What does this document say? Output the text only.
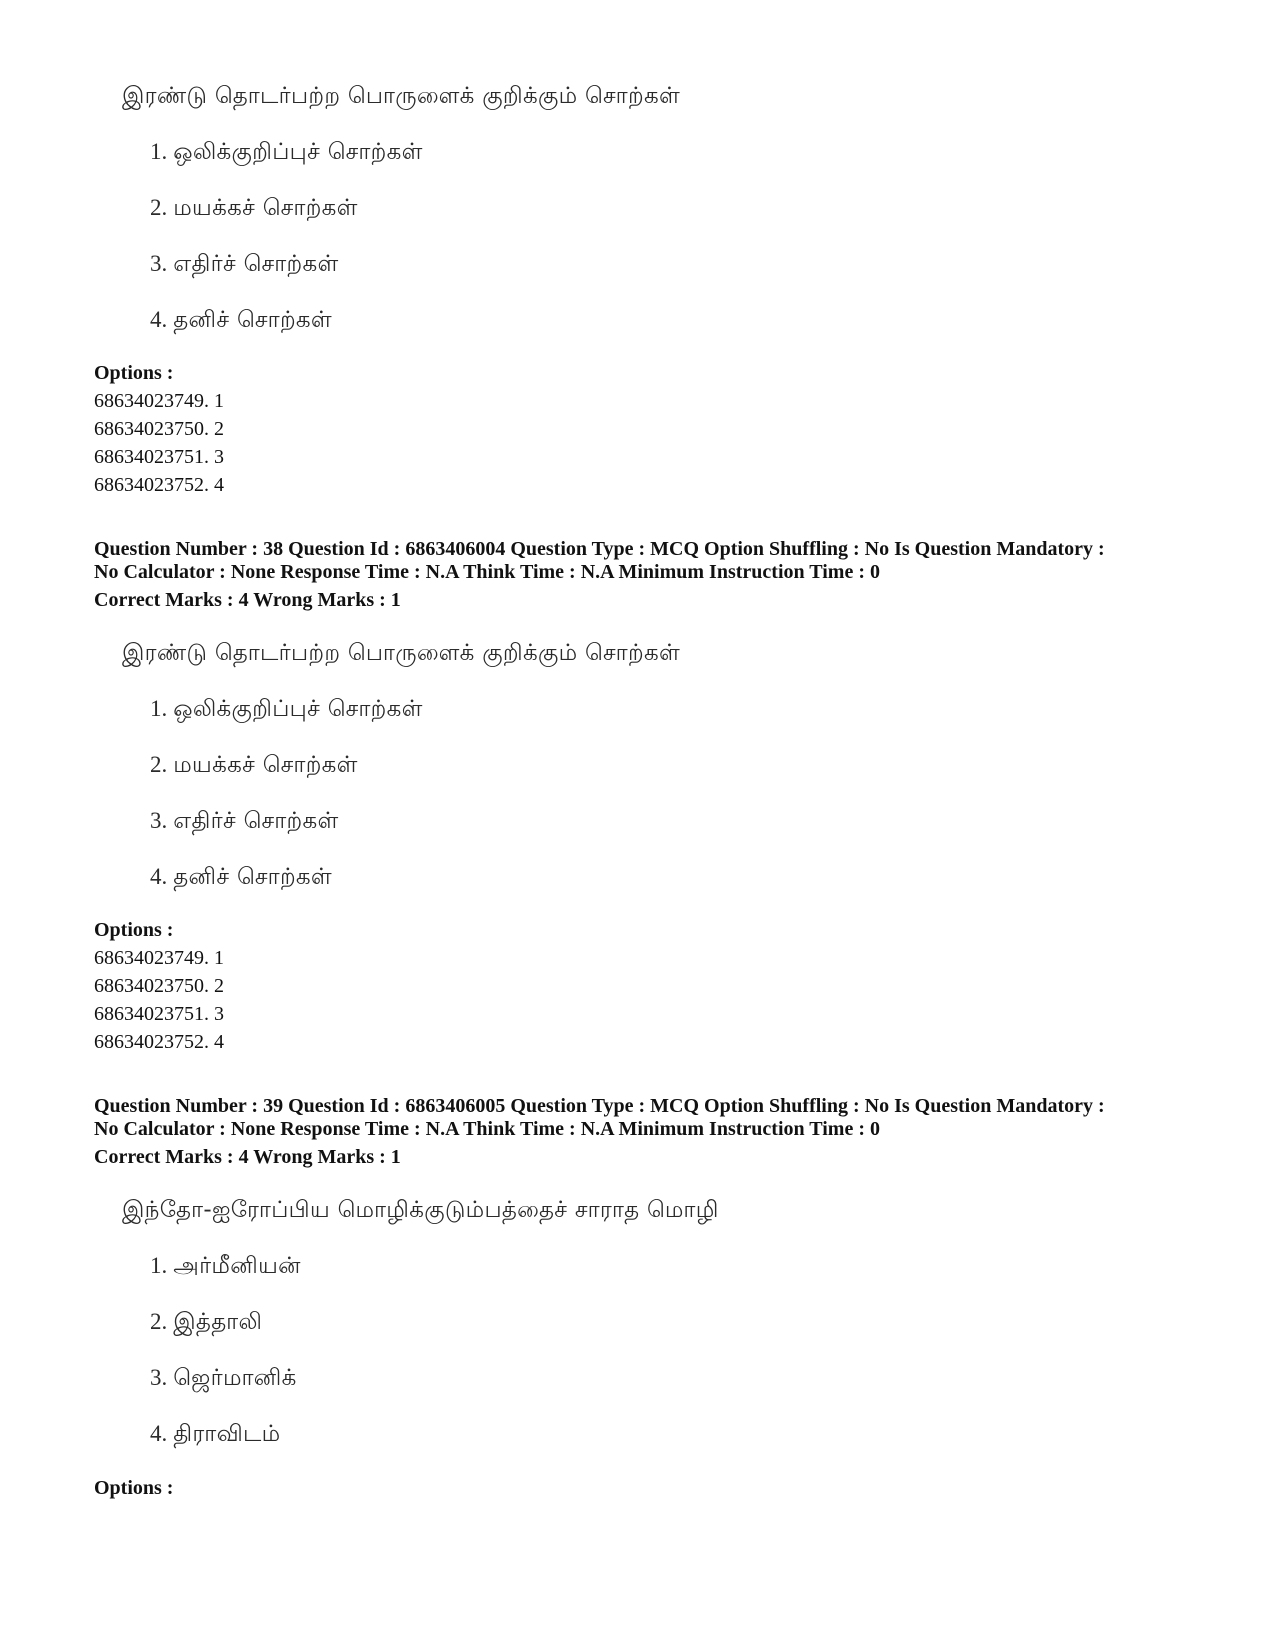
இரண்டு தொடர்பற்ற பொருளைக் குறிக்கும் சொற்கள்
1. ஒலிக்குறிப்புச் சொற்கள்
2. மயக்கச் சொற்கள்
3. எதிர்ச் சொற்கள்
4. தனிச் சொற்கள்
Options :
68634023749. 1
68634023750. 2
68634023751. 3
68634023752. 4
Question Number : 38 Question Id : 6863406004 Question Type : MCQ Option Shuffling : No Is Question Mandatory :
No Calculator : None Response Time : N.A Think Time : N.A Minimum Instruction Time : 0
Correct Marks : 4 Wrong Marks : 1
இரண்டு தொடர்பற்ற பொருளைக் குறிக்கும் சொற்கள்
1. ஒலிக்குறிப்புச் சொற்கள்
2. மயக்கச் சொற்கள்
3. எதிர்ச் சொற்கள்
4. தனிச் சொற்கள்
Options :
68634023749. 1
68634023750. 2
68634023751. 3
68634023752. 4
Question Number : 39 Question Id : 6863406005 Question Type : MCQ Option Shuffling : No Is Question Mandatory :
No Calculator : None Response Time : N.A Think Time : N.A Minimum Instruction Time : 0
Correct Marks : 4 Wrong Marks : 1
இந்தோ-ஐரோப்பிய மொழிக்குடும்பத்தைச் சாராத மொழி
1. அர்மீனியன்
2. இத்தாலி
3. ஜெர்மானிக்
4. திராவிடம்
Options :
